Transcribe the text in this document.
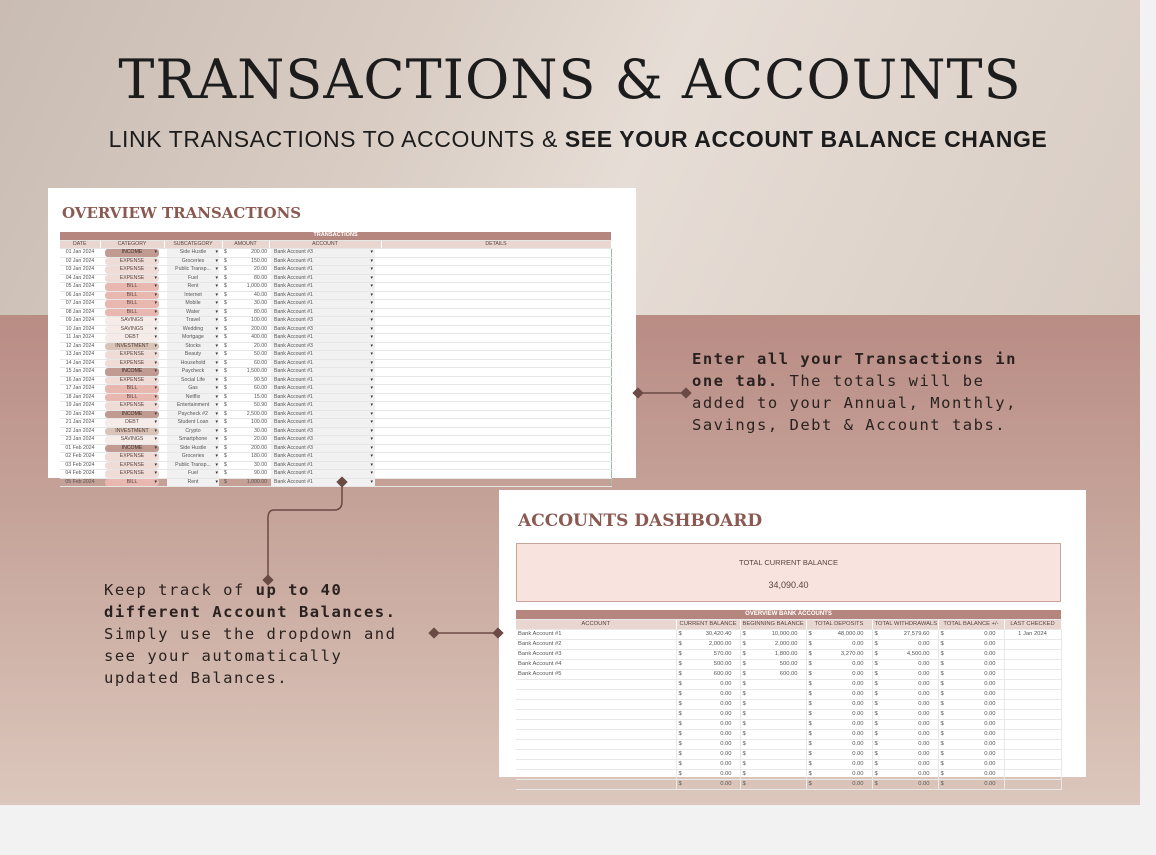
TRANSACTIONS & ACCOUNTS
LINK TRANSACTIONS TO ACCOUNTS & SEE YOUR ACCOUNT BALANCE CHANGE
OVERVIEW TRANSACTIONS
TRANSACTIONS					
DATE	CATEGORY	SUBCATEGORY	AMOUNT	ACCOUNT	DETAILS
01 Jan 2024	INCOME ▾	Side Hustle ▾	$ 200.00	Bank Account #3 ▾	
02 Jan 2024	EXPENSE ▾	Groceries ▾	$ 150.00	Bank Account #1 ▾	
03 Jan 2024	EXPENSE ▾	Public Transp... ▾	$ 20.00	Bank Account #1 ▾	
04 Jan 2024	EXPENSE ▾	Fuel ▾	$ 80.00	Bank Account #1 ▾	
05 Jan 2024	BILL ▾	Rent ▾	$ 1,000.00	Bank Account #1 ▾	
06 Jan 2024	BILL ▾	Internet ▾	$ 40.00	Bank Account #1 ▾	
07 Jan 2024	BILL ▾	Mobile ▾	$ 30.00	Bank Account #1 ▾	
08 Jan 2024	BILL ▾	Water ▾	$ 80.00	Bank Account #1 ▾	
09 Jan 2024	SAVINGS ▾	Travel ▾	$ 100.00	Bank Account #3 ▾	
10 Jan 2024	SAVINGS ▾	Wedding ▾	$ 200.00	Bank Account #3 ▾	
11 Jan 2024	DEBT ▾	Mortgage ▾	$ 400.00	Bank Account #1 ▾	
12 Jan 2024	INVESTMENT ▾	Stocks ▾	$ 20.00	Bank Account #3 ▾	
13 Jan 2024	EXPENSE ▾	Beauty ▾	$ 50.00	Bank Account #1 ▾	
14 Jan 2024	EXPENSE ▾	Household ▾	$ 60.00	Bank Account #1 ▾	
15 Jan 2024	INCOME ▾	Paycheck ▾	$ 1,500.00	Bank Account #1 ▾	
16 Jan 2024	EXPENSE ▾	Social Life ▾	$ 90.50	Bank Account #1 ▾	
17 Jan 2024	BILL ▾	Gas ▾	$ 60.00	Bank Account #1 ▾	
18 Jan 2024	BILL ▾	Netflix ▾	$ 15.00	Bank Account #1 ▾	
19 Jan 2024	EXPENSE ▾	Entertainment ▾	$ 50.90	Bank Account #1 ▾	
20 Jan 2024	INCOME ▾	Paycheck #2 ▾	$ 2,500.00	Bank Account #1 ▾	
21 Jan 2024	DEBT ▾	Student Loan ▾	$ 100.00	Bank Account #1 ▾	
22 Jan 2024	INVESTMENT ▾	Crypto ▾	$ 30.00	Bank Account #3 ▾	
23 Jan 2024	SAVINGS ▾	Smartphone ▾	$ 20.00	Bank Account #3 ▾	
01 Feb 2024	INCOME ▾	Side Hustle ▾	$ 200.00	Bank Account #3 ▾	
02 Feb 2024	EXPENSE ▾	Groceries ▾	$ 180.00	Bank Account #1 ▾	
03 Feb 2024	EXPENSE ▾	Public Transp... ▾	$ 30.00	Bank Account #1 ▾	
04 Feb 2024	EXPENSE ▾	Fuel ▾	$ 90.00	Bank Account #1 ▾	
05 Feb 2024	BILL ▾	Rent ▾	$ 1,000.00	Bank Account #1 ▾	
ACCOUNTS DASHBOARD
TOTAL CURRENT BALANCE
34,090.40
OVERVIEW BANK ACCOUNTS						
ACCOUNT	CURRENT BALANCE	BEGINNING BALANCE	TOTAL DEPOSITS	TOTAL WITHDRAWALS	TOTAL BALANCE +/-	LAST CHECKED
Bank Account #1	$ 30,420.40	$ 10,000.00	$ 48,000.00	$ 27,579.60	$ 0.00	1 Jan 2024
Bank Account #2	$ 2,000.00	$ 2,000.00	$ 0.00	$ 0.00	$ 0.00	

Bank Account #3	$ 570.00	$ 1,800.00	$ 3,270.00	$ 4,500.00	$ 0.00	

Bank Account #4	$ 500.00	$ 500.00	$ 0.00	$ 0.00	$ 0.00	

Bank Account #5	$ 600.00	$ 600.00	$ 0.00	$ 0.00	$ 0.00	

	$ 0.00	$	$ 0.00	$ 0.00	$ 0.00	

	$ 0.00	$	$ 0.00	$ 0.00	$ 0.00	

	$ 0.00	$	$ 0.00	$ 0.00	$ 0.00	

	$ 0.00	$	$ 0.00	$ 0.00	$ 0.00	

	$ 0.00	$	$ 0.00	$ 0.00	$ 0.00	

	$ 0.00	$	$ 0.00	$ 0.00	$ 0.00	

	$ 0.00	$	$ 0.00	$ 0.00	$ 0.00	

	$ 0.00	$	$ 0.00	$ 0.00	$ 0.00	

	$ 0.00	$	$ 0.00	$ 0.00	$ 0.00	

	$ 0.00	$	$ 0.00	$ 0.00	$ 0.00	

	$ 0.00	$	$ 0.00	$ 0.00	$ 0.00	

Enter all your Transactions in one tab. The totals will be added to your Annual, Monthly, Savings, Debt & Account tabs.
Keep track of up to 40 different Account Balances. Simply use the dropdown and see your automatically updated Balances.
